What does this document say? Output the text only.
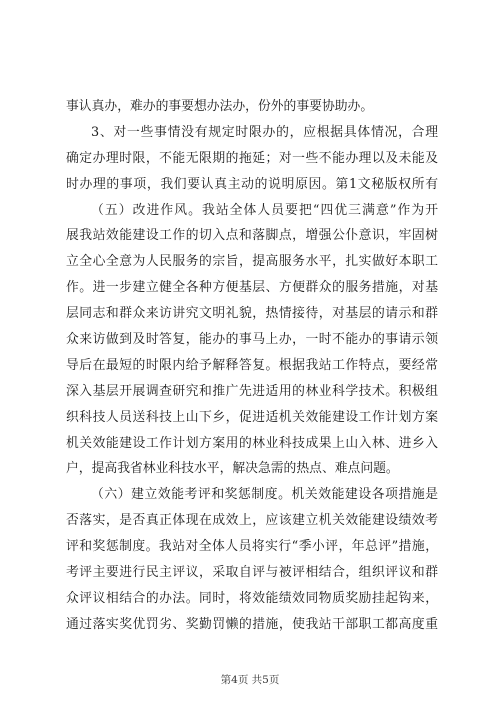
事认真办，难办的事要想办法办，份外的事要协助办。
3、对一些事情没有规定时限办的，应根据具体情况，合理
确定办理时限，不能无限期的拖延；对一些不能办理以及未能及
时办理的事项，我们要认真主动的说明原因。第1文秘版权所有
（五）改进作风。我站全体人员要把“四优三满意”作为开
展我站效能建设工作的切入点和落脚点，增强公仆意识，牢固树
立全心全意为人民服务的宗旨，提高服务水平，扎实做好本职工
作。进一步建立健全各种方便基层、方便群众的服务措施，对基
层同志和群众来访讲究文明礼貌，热情接待，对基层的请示和群
众来访做到及时答复，能办的事马上办，一时不能办的事请示领
导后在最短的时限内给予解释答复。根据我站工作特点，要经常
深入基层开展调查研究和推广先进适用的林业科学技术。积极组
织科技人员送科技上山下乡，促进适机关效能建设工作计划方案
机关效能建设工作计划方案用的林业科技成果上山入林、进乡入
户，提高我省林业科技水平，解决急需的热点、难点问题。
（六）建立效能考评和奖惩制度。机关效能建设各项措施是
否落实，是否真正体现在成效上，应该建立机关效能建设绩效考
评和奖惩制度。我站对全体人员将实行“季小评，年总评”措施，
考评主要进行民主评议，采取自评与被评相结合，组织评议和群
众评议相结合的办法。同时，将效能绩效同物质奖励挂起钩来，
通过落实奖优罚劣、奖勤罚懒的措施，使我站干部职工都高度重
第4页 共5页
